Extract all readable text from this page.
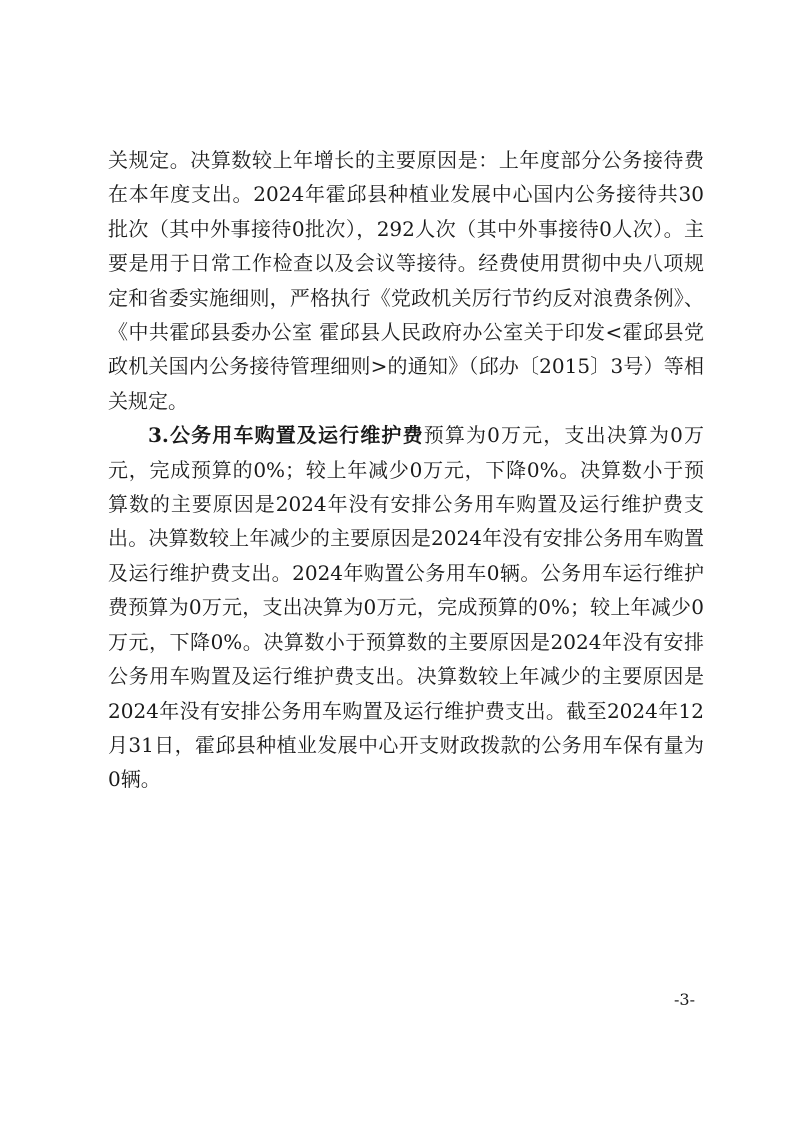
关规定。决算数较上年增长的主要原因是：上年度部分公务接待费在本年度支出。2024年霍邱县种植业发展中心国内公务接待共30批次（其中外事接待0批次），292人次（其中外事接待0人次）。主要是用于日常工作检查以及会议等接待。经费使用贯彻中央八项规定和省委实施细则，严格执行《党政机关厉行节约反对浪费条例》、《中共霍邱县委办公室 霍邱县人民政府办公室关于印发<霍邱县党政机关国内公务接待管理细则>的通知》（邱办〔2015〕3号）等相关规定。

3.公务用车购置及运行维护费预算为0万元，支出决算为0万元，完成预算的0%；较上年减少0万元，下降0%。决算数小于预算数的主要原因是2024年没有安排公务用车购置及运行维护费支出。决算数较上年减少的主要原因是2024年没有安排公务用车购置及运行维护费支出。2024年购置公务用车0辆。公务用车运行维护费预算为0万元，支出决算为0万元，完成预算的0%；较上年减少0万元，下降0%。决算数小于预算数的主要原因是2024年没有安排公务用车购置及运行维护费支出。决算数较上年减少的主要原因是2024年没有安排公务用车购置及运行维护费支出。截至2024年12月31日，霍邱县种植业发展中心开支财政拨款的公务用车保有量为0辆。

-3-
